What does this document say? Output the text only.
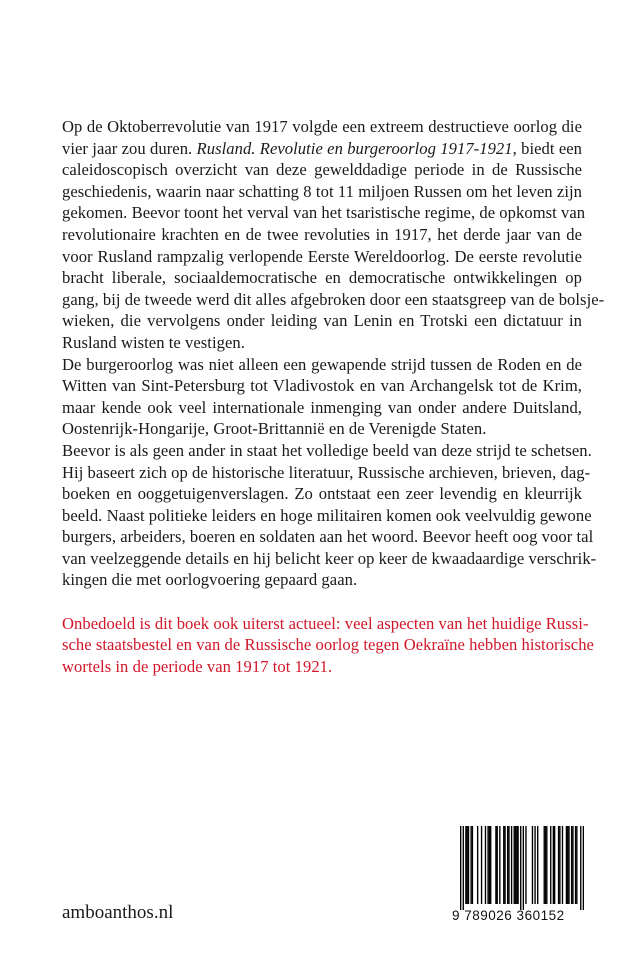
Op de Oktoberrevolutie van 1917 volgde een extreem destructieve oorlog die
vier jaar zou duren. Rusland. Revolutie en burgeroorlog 1917-1921, biedt een
caleidoscopisch overzicht van deze gewelddadige periode in de Russische
geschiedenis, waarin naar schatting 8 tot 11 miljoen Russen om het leven zijn
gekomen. Beevor toont het verval van het tsaristische regime, de opkomst van
revolutionaire krachten en de twee revoluties in 1917, het derde jaar van de
voor Rusland rampzalig verlopende Eerste Wereldoorlog. De eerste revolutie
bracht liberale, sociaaldemocratische en democratische ontwikkelingen op
gang, bij de tweede werd dit alles afgebroken door een staatsgreep van de bolsje-
wieken, die vervolgens onder leiding van Lenin en Trotski een dictatuur in
Rusland wisten te vestigen.

De burgeroorlog was niet alleen een gewapende strijd tussen de Roden en de
Witten van Sint-Petersburg tot Vladivostok en van Archangelsk tot de Krim,
maar kende ook veel internationale inmenging van onder andere Duitsland,
Oostenrijk-Hongarije, Groot-Brittannië en de Verenigde Staten.

Beevor is als geen ander in staat het volledige beeld van deze strijd te schetsen.
Hij baseert zich op de historische literatuur, Russische archieven, brieven, dag-
boeken en ooggetuigenverslagen. Zo ontstaat een zeer levendig en kleurrijk
beeld. Naast politieke leiders en hoge militairen komen ook veelvuldig gewone
burgers, arbeiders, boeren en soldaten aan het woord. Beevor heeft oog voor tal
van veelzeggende details en hij belicht keer op keer de kwaadaardige verschrik-
kingen die met oorlogvoering gepaard gaan.

Onbedoeld is dit boek ook uiterst actueel: veel aspecten van het huidige Russi-
sche staatsbestel en van de Russische oorlog tegen Oekraïne hebben historische
wortels in de periode van 1917 tot 1921.

amboanthos.nl	9 789026 360152
